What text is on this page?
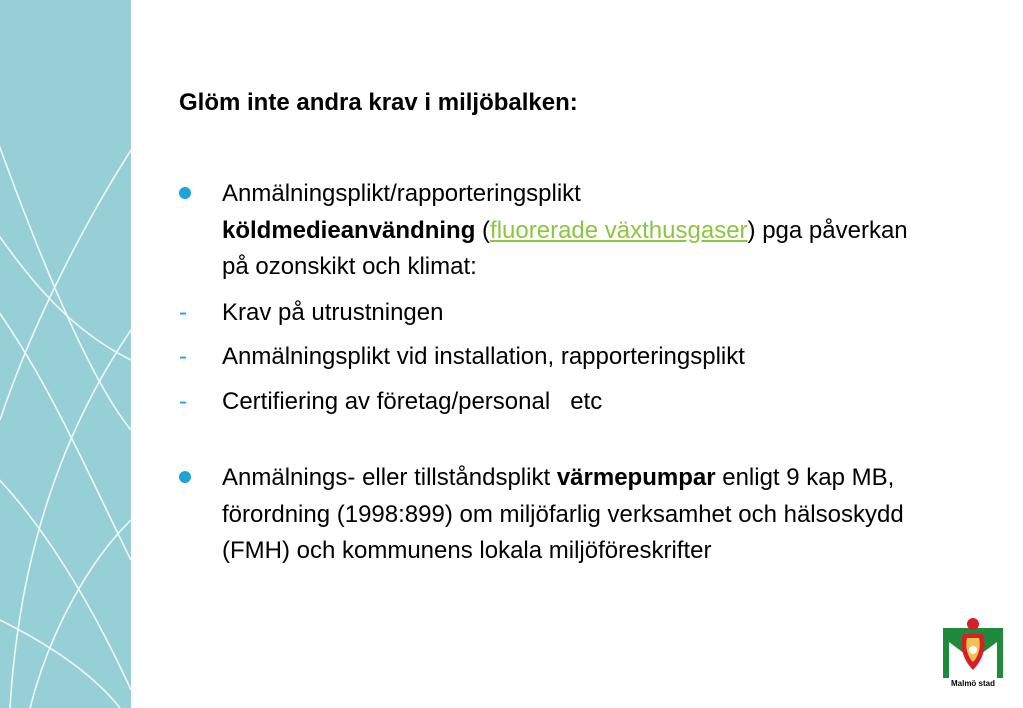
Glöm inte andra krav i miljöbalken:

Anmälningsplikt/rapporteringsplikt
köldmedieanvändning (fluorerade växthusgaser) pga påverkan på ozonskikt och klimat:
- Krav på utrustningen
- Anmälningsplikt vid installation, rapporteringsplikt
- Certifiering av företag/personal etc
Anmälnings- eller tillståndsplikt värmepumpar enligt 9 kap MB, förordning (1998:899) om miljöfarlig verksamhet och hälsoskydd (FMH) och kommunens lokala miljöföreskrifter
Malmö stad
